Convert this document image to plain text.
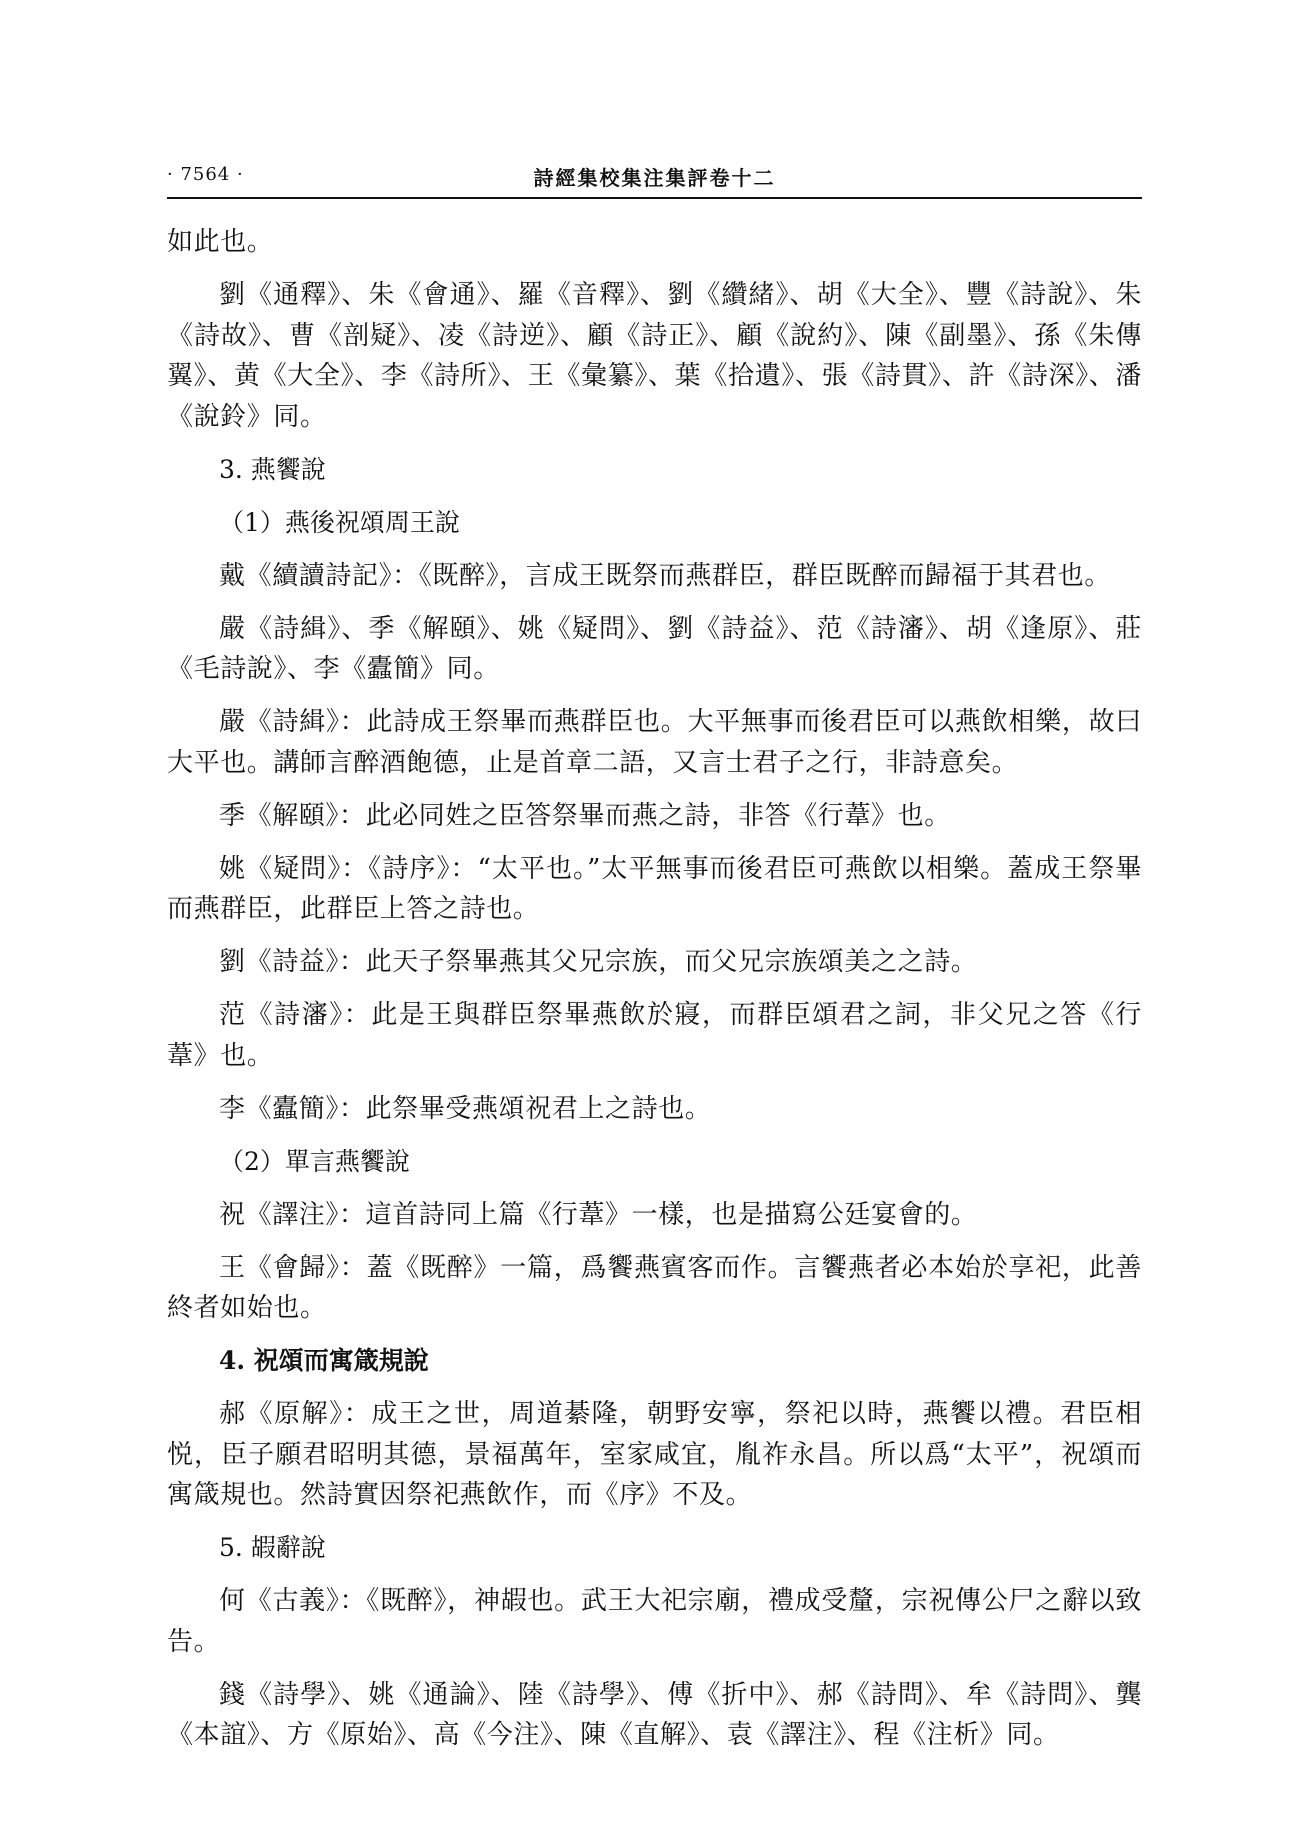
· 7564 ·	詩經集校集注集評卷十二

如此也。

劉《通釋》、朱《會通》、羅《音釋》、劉《纘緒》、胡《大全》、豐《詩說》、朱《詩故》、曹《剖疑》、凌《詩逆》、顧《詩正》、顧《說約》、陳《副墨》、孫《朱傳翼》、黄《大全》、李《詩所》、王《彙纂》、葉《拾遺》、張《詩貫》、許《詩深》、潘《說鈴》同。

3. 燕饗說

（1）燕後祝頌周王說

戴《續讀詩記》：《既醉》，言成王既祭而燕群臣，群臣既醉而歸福于其君也。

嚴《詩緝》、季《解頤》、姚《疑問》、劉《詩益》、范《詩瀋》、胡《逢原》、莊《毛詩說》、李《蠹簡》同。

嚴《詩緝》：此詩成王祭畢而燕群臣也。大平無事而後君臣可以燕飲相樂，故曰大平也。講師言醉酒飽德，止是首章二語，又言士君子之行，非詩意矣。

季《解頤》：此必同姓之臣答祭畢而燕之詩，非答《行葦》也。

姚《疑問》：《詩序》：“太平也。”太平無事而後君臣可燕飲以相樂。蓋成王祭畢而燕群臣，此群臣上答之詩也。

劉《詩益》：此天子祭畢燕其父兄宗族，而父兄宗族頌美之之詩。

范《詩瀋》：此是王與群臣祭畢燕飲於寢，而群臣頌君之詞，非父兄之答《行葦》也。

李《蠹簡》：此祭畢受燕頌祝君上之詩也。

（2）單言燕饗說

祝《譯注》：這首詩同上篇《行葦》一樣，也是描寫公廷宴會的。

王《會歸》：蓋《既醉》一篇，爲饗燕賓客而作。言饗燕者必本始於享祀，此善終者如始也。

4. 祝頌而寓箴規說

郝《原解》：成王之世，周道綦隆，朝野安寧，祭祀以時，燕饗以禮。君臣相悦，臣子願君昭明其德，景福萬年，室家咸宜，胤祚永昌。所以爲“太平”，祝頌而寓箴規也。然詩實因祭祀燕飲作，而《序》不及。

5. 嘏辭說

何《古義》：《既醉》，神嘏也。武王大祀宗廟，禮成受釐，宗祝傳公尸之辭以致告。

錢《詩學》、姚《通論》、陸《詩學》、傅《折中》、郝《詩問》、牟《詩問》、龔《本誼》、方《原始》、高《今注》、陳《直解》、袁《譯注》、程《注析》同。
